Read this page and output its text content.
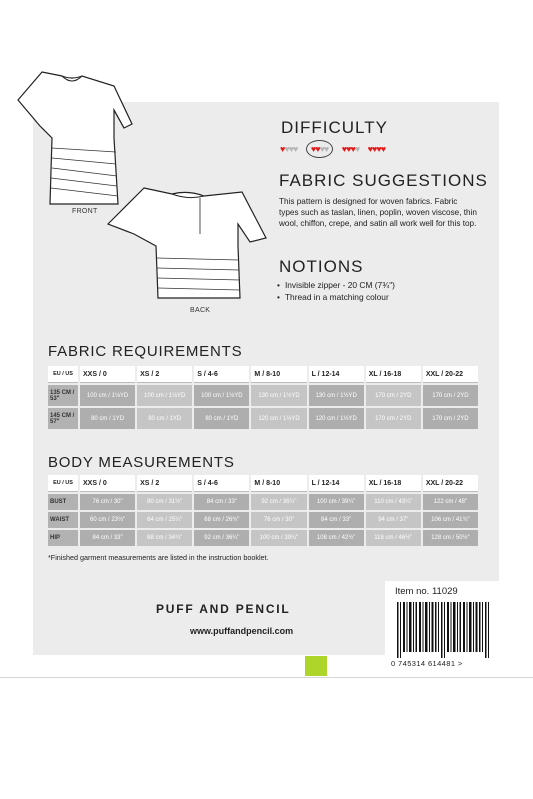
FRONT
BACK
DIFFICULTY
♥♥♥♥ ♥♥♥♥ ♥♥♥♥ ♥♥♥♥
FABRIC SUGGESTIONS
This pattern is designed for woven fabrics. Fabric types such as taslan, linen, poplin, woven viscose, thin wool, chiffon, crepe, and satin all work well for this top.
NOTIONS
• Invisible zipper - 20 CM (7¾")
• Thread in a matching colour
FABRIC REQUIREMENTS
EU / US	XXS / 0	XS / 2	S / 4-6	M / 8-10	L / 12-14	XL / 16-18	XXL / 20-22
135 CM / 53"	100 cm / 1⅛YD	100 cm / 1⅛YD	100 cm / 1⅛YD	130 cm / 1½YD	130 cm / 1½YD	170 cm / 2YD	170 cm / 2YD
145 CM / 57"	80 cm / 1YD	80 cm / 1YD	80 cm / 1YD	120 cm / 1⅓YD	120 cm / 1⅓YD	170 cm / 2YD	170 cm / 2YD
BODY MEASUREMENTS
EU / US	XXS / 0	XS / 2	S / 4-6	M / 8-10	L / 12-14	XL / 16-18	XXL / 20-22
BUST	76 cm / 30"	80 cm / 31½"	84 cm / 33"	92 cm / 36¼"	100 cm / 39¼"	110 cm / 43¼"	122 cm / 48"
WAIST	60 cm / 23½"	64 cm / 25¼"	68 cm / 26¾"	76 cm / 30"	84 cm / 33"	94 cm / 37"	106 cm / 41¾"
HIP	84 cm / 33"	88 cm / 34¾"	92 cm / 36¼"	100 cm / 39¼"	108 cm / 42½"	118 cm / 46½"	128 cm / 50½"
*Finished garment measurements are listed in the instruction booklet.
PUFF AND PENCIL
www.puffandpencil.com
Item no. 11029
0 745314 614481 >
